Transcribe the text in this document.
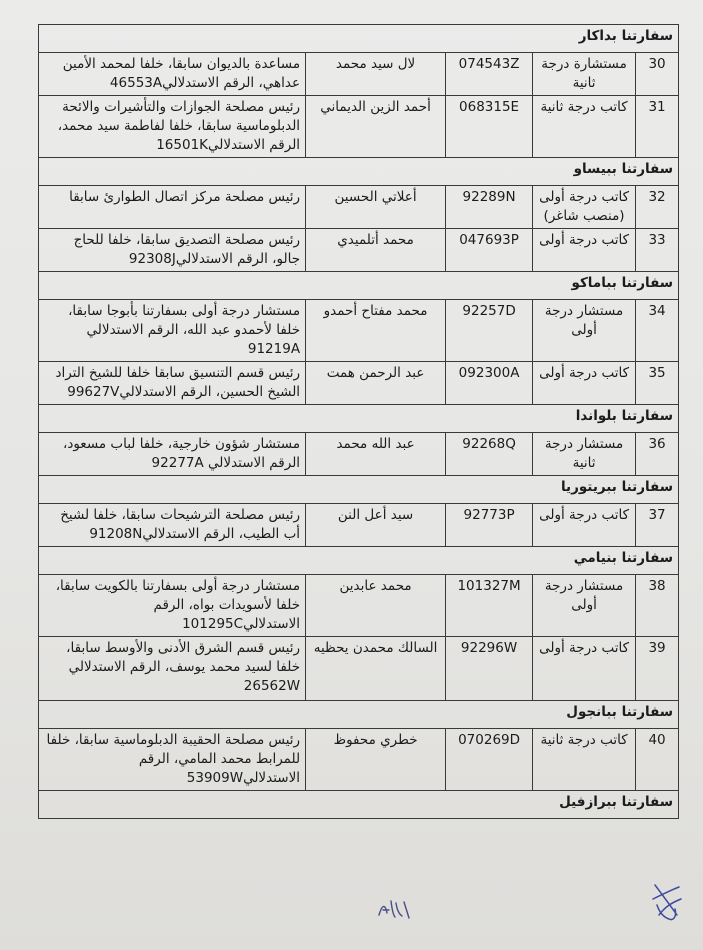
سفارتنا بداكار				
30	مستشارة درجة ثانية	074543Z	لال سيد محمد	مساعدة بالديوان سابقا، خلفا لمحمد الأمين عداهي، الرقم الاستدلالي46553A
31	كاتب درجة ثانية	068315E	أحمد الزين الديماني	رئيس مصلحة الجوازات والتأشيرات والائحة الدبلوماسية سابقا، خلفا لفاطمة سيد محمد، الرقم الاستدلالي16501K
سفارتنا ببيساو				
32	كاتب درجة أولى (منصب شاغر)	92289N	أعلاتي الحسين	رئيس مصلحة مركز اتصال الطوارئ سابقا
33	كاتب درجة أولى	047693P	محمد أتلميدي	رئيس مصلحة التصديق سابقا، خلفا للحاج جالو، الرقم الاستدلالي92308J
سفارتنا بباماكو				
34	مستشار درجة أولى	92257D	محمد مفتاح أحمدو	مستشار درجة أولى بسفارتنا بأبوجا سابقا، خلفا لأحمدو عبد الله، الرقم الاستدلالي 91219A
35	كاتب درجة أولى	092300A	عبد الرحمن همت	رئيس قسم التنسيق سابقا خلفا للشيخ التراد الشيخ الحسين، الرقم الاستدلالي99627V
سفارتنا بلواندا				
36	مستشار درجة ثانية	92268Q	عبد الله محمد	مستشار شؤون خارجية، خلفا لباب مسعود، الرقم الاستدلالي 92277A
سفارتنا ببريتوريا				
37	كاتب درجة أولى	92773P	سيد أعل النن	رئيس مصلحة الترشيحات سابقا، خلفا لشيخ أب الطيب، الرقم الاستدلالي91208N
سفارتنا بنيامي				
38	مستشار درجة أولى	101327M	محمد عابدين	مستشار درجة أولى بسفارتنا بالكويت سابقا، خلفا لأسويدات بواه، الرقم الاستدلالي101295C
39	كاتب درجة أولى	92296W	السالك محمدن يحظيه	رئيس قسم الشرق الأدنى والأوسط سابقا، خلفا لسيد محمد يوسف، الرقم الاستدلالي 26562W
سفارتنا ببانجول				
40	كاتب درجة ثانية	070269D	خطري محفوظ	رئيس مصلحة الحقيبة الدبلوماسية سابقا، خلفا للمرابط محمد المامي، الرقم الاستدلالي53909W
سفارتنا ببرازفيل				
